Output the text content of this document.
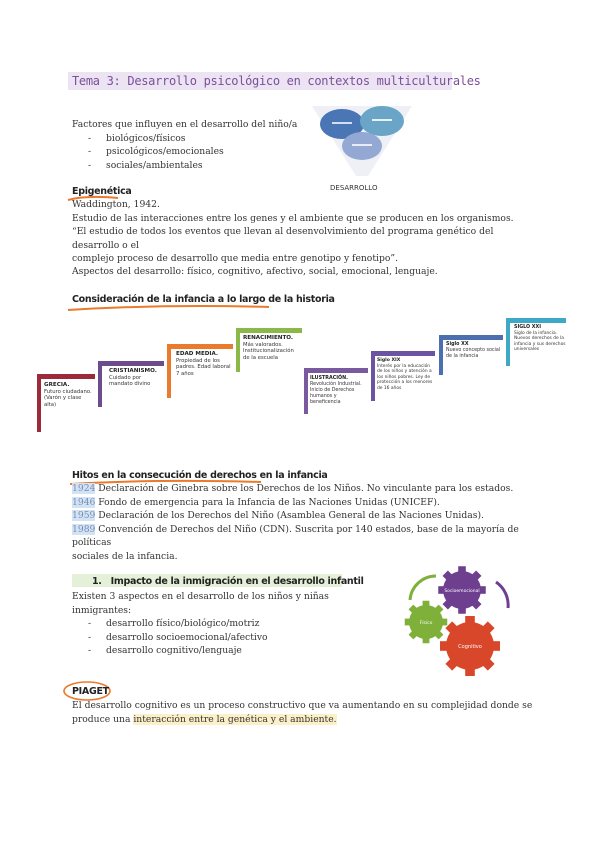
Tema 3: Desarrollo psicológico en contextos multiculturales
Factores que influyen en el desarrollo del niño/a
- biológicos/físicos
- psicológicos/emocionales
- sociales/ambientales
DESARROLLO
Epigenética
Waddington, 1942.
Estudio de las interacciones entre los genes y el ambiente que se producen en los organismos.
“El estudio de todos los eventos que llevan al desenvolvimiento del programa genético del desarrollo o el
complejo proceso de desarrollo que media entre genotipo y fenotipo”.
Aspectos del desarrollo: físico, cognitivo, afectivo, social, emocional, lenguaje.
Consideración de la infancia a lo largo de la historia
GRECIA.
Futuro ciudadano. (Varón y clase alta)
CRISTIANISMO.
Cuidado por mandato divino
EDAD MEDIA.
Propiedad de los padres. Edad laboral 7 años
RENACIMIENTO.
Más valorados. Institucionalización de la escuela
ILUSTRACIÓN.
Revolución Industrial. Inicio de Derechos humanos y beneficencia
Siglo XIX
Interés por la educación de los niños y atención a los niños pobres. Ley de protección a los menores de 16 años
Siglo XX
Nuevo concepto social de la infancia
SIGLO XXI
Siglo de la infancia. Nuevos derechos de la infancia y sus derechos universales
Hitos en la consecución de derechos en la infancia
1924 Declaración de Ginebra sobre los Derechos de los Niños. No vinculante para los estados.
1946 Fondo de emergencia para la Infancia de las Naciones Unidas (UNICEF).
1959 Declaración de los Derechos del Niño (Asamblea General de las Naciones Unidas).
1989 Convención de Derechos del Niño (CDN). Suscrita por 140 estados, base de la mayoría de políticas
sociales de la infancia.
1. Impacto de la inmigración en el desarrollo infantil
Existen 3 aspectos en el desarrollo de los niños y niñas inmigrantes:
- desarrollo físico/biológico/motriz
- desarrollo socioemocional/afectivo
- desarrollo cognitivo/lenguaje
Socioemocional
Físico
Cognitivo
PIAGET
El desarrollo cognitivo es un proceso constructivo que va aumentando en su complejidad donde se
produce una interacción entre la genética y el ambiente.
